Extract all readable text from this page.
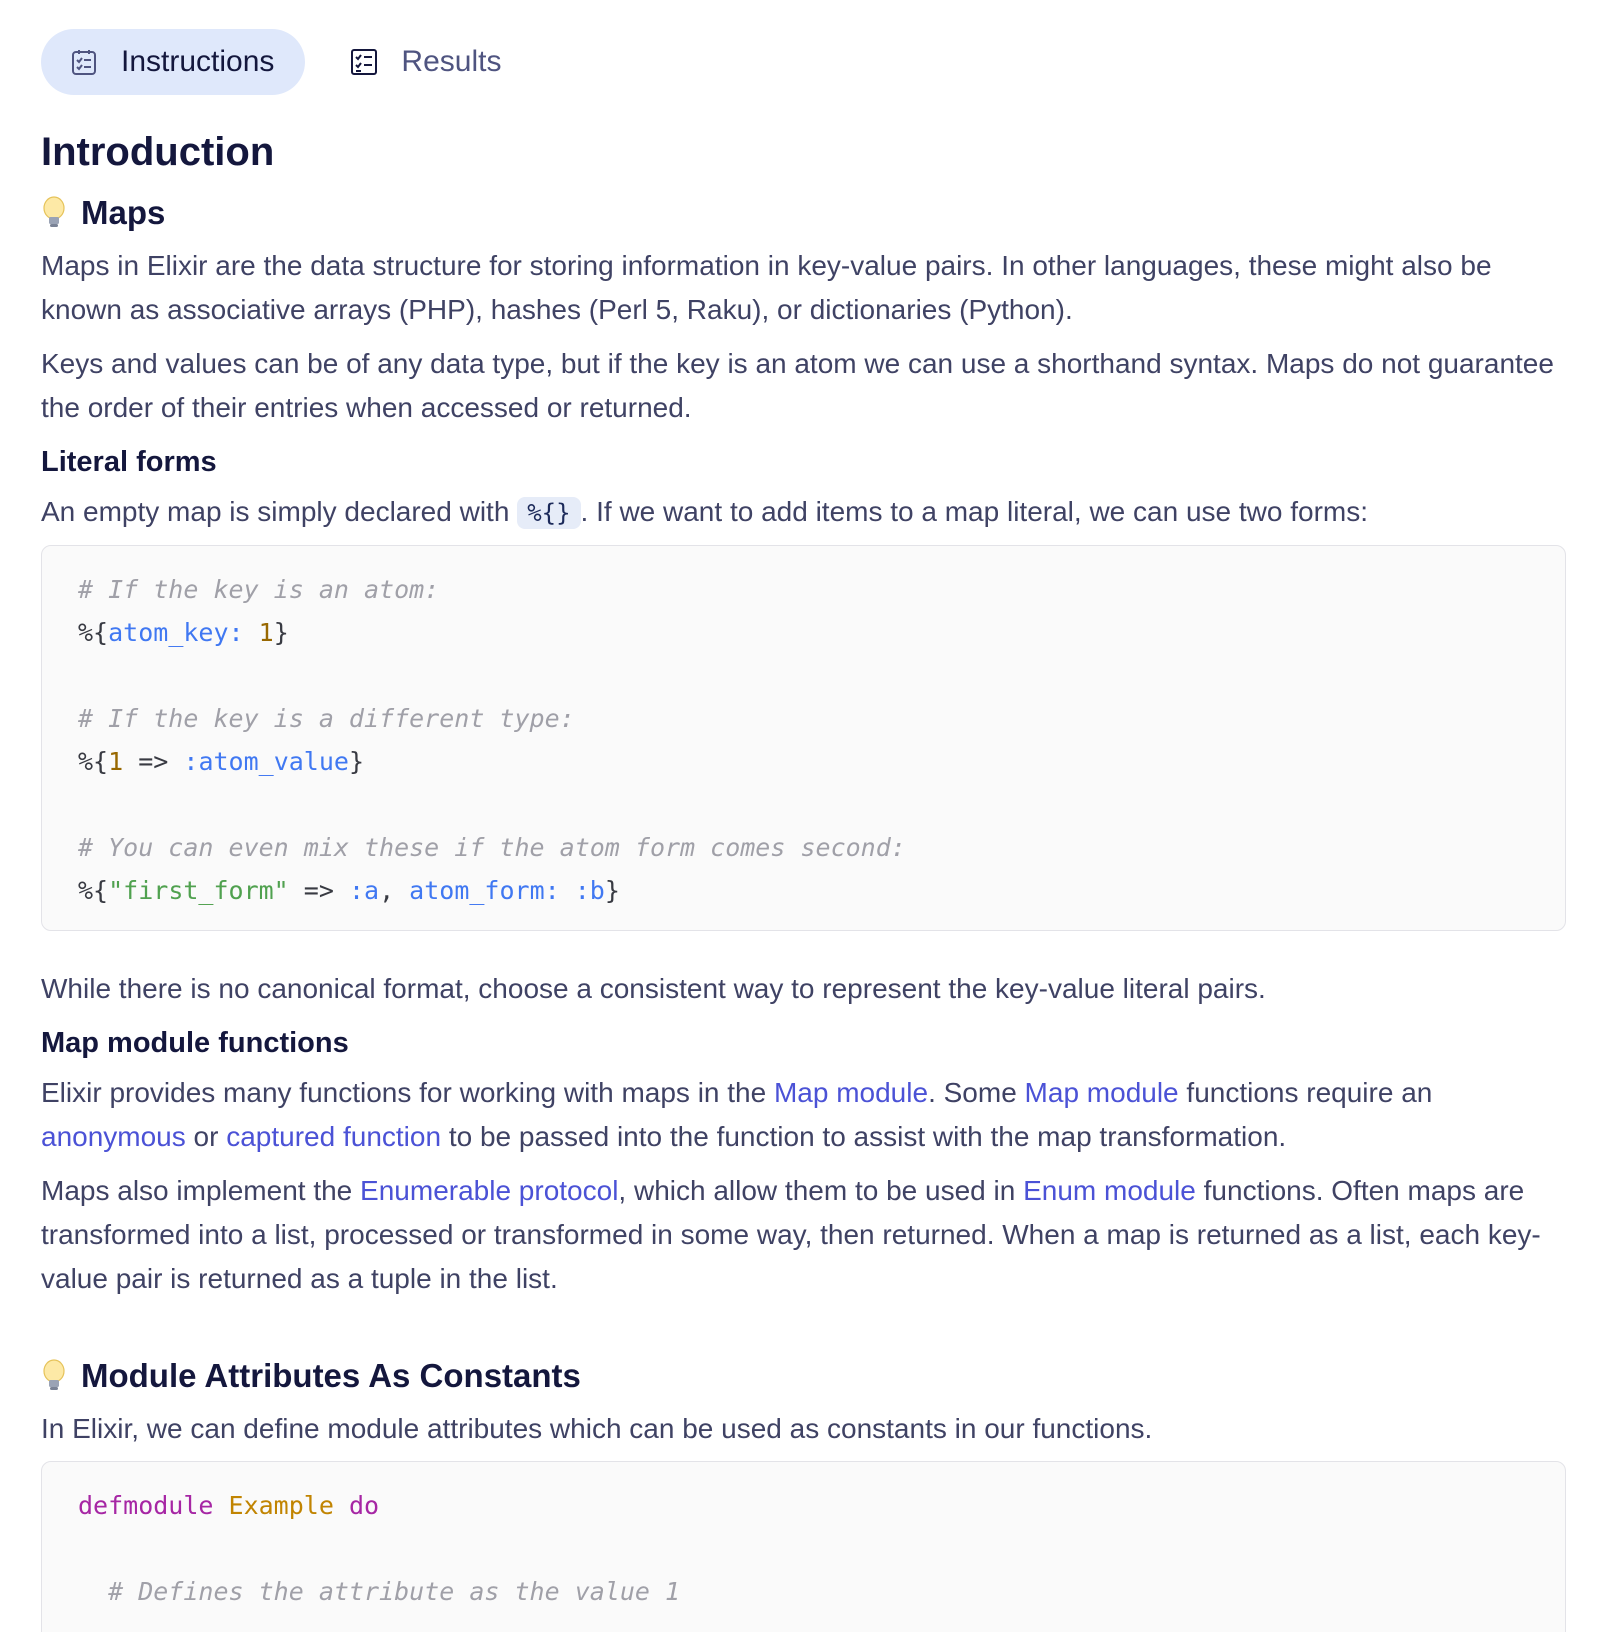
Instructions	Results
Introduction
Maps

Maps in Elixir are the data structure for storing information in key-value pairs. In other languages, these might also be known as associative arrays (PHP), hashes (Perl 5, Raku), or dictionaries (Python).

Keys and values can be of any data type, but if the key is an atom we can use a shorthand syntax. Maps do not guarantee the order of their entries when accessed or returned.

Literal forms

An empty map is simply declared with %{} . If we want to add items to a map literal, we can use two forms:

# If the key is an atom:
%{atom_key: 1}
# If the key is a different type:
%{1 => :atom_value}
# You can even mix these if the atom form comes second:
%{"first_form" => :a, atom_form: :b}

While there is no canonical format, choose a consistent way to represent the key-value literal pairs.

Map module functions

Elixir provides many functions for working with maps in the Map module. Some Map module functions require an anonymous or captured function to be passed into the function to assist with the map transformation.

Maps also implement the Enumerable protocol, which allow them to be used in Enum module functions. Often maps are transformed into a list, processed or transformed in some way, then returned. When a map is returned as a list, each key-value pair is returned as a tuple in the list.

Module Attributes As Constants

In Elixir, we can define module attributes which can be used as constants in our functions.

defmodule Example do
# Defines the attribute as the value 1
